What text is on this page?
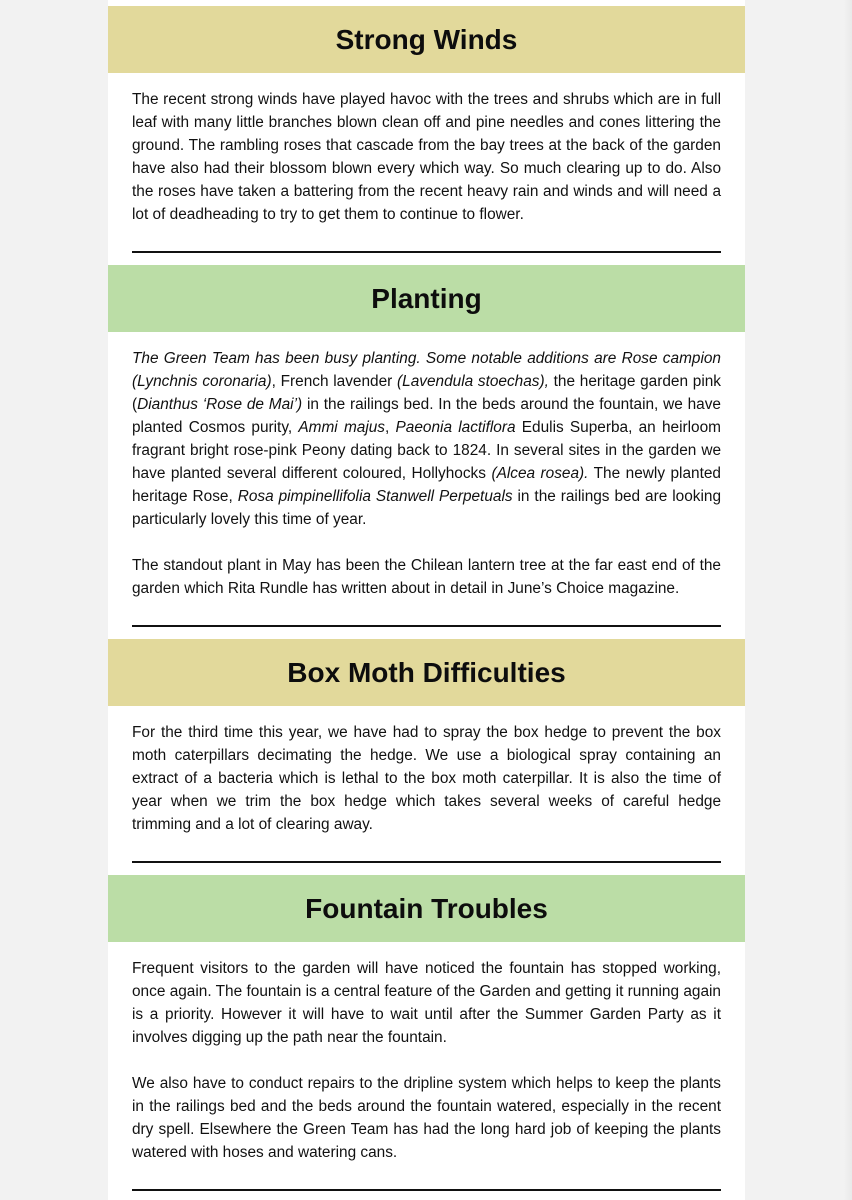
Strong Winds

The recent strong winds have played havoc with the trees and shrubs which are in full leaf with many little branches blown clean off and pine needles and cones littering the ground. The rambling roses that cascade from the bay trees at the back of the garden have also had their blossom blown every which way. So much clearing up to do. Also the roses have taken a battering from the recent heavy rain and winds and will need a lot of deadheading to try to get them to continue to flower.

Planting

The Green Team has been busy planting. Some notable additions are Rose campion (Lynchnis coronaria), French lavender (Lavendula stoechas), the heritage garden pink (Dianthus ‘Rose de Mai’) in the railings bed. In the beds around the fountain, we have planted Cosmos purity, Ammi majus, Paeonia lactiflora Edulis Superba, an heirloom fragrant bright rose-pink Peony dating back to 1824. In several sites in the garden we have planted several different coloured, Hollyhocks (Alcea rosea). The newly planted heritage Rose, Rosa pimpinellifolia Stanwell Perpetuals in the railings bed are looking particularly lovely this time of year.

The standout plant in May has been the Chilean lantern tree at the far east end of the garden which Rita Rundle has written about in detail in June’s Choice magazine.

Box Moth Difficulties

For the third time this year, we have had to spray the box hedge to prevent the box moth caterpillars decimating the hedge. We use a biological spray containing an extract of a bacteria which is lethal to the box moth caterpillar. It is also the time of year when we trim the box hedge which takes several weeks of careful hedge trimming and a lot of clearing away.

Fountain Troubles

Frequent visitors to the garden will have noticed the fountain has stopped working, once again. The fountain is a central feature of the Garden and getting it running again is a priority. However it will have to wait until after the Summer Garden Party as it involves digging up the path near the fountain.

We also have to conduct repairs to the dripline system which helps to keep the plants in the railings bed and the beds around the fountain watered, especially in the recent dry spell. Elsewhere the Green Team has had the long hard job of keeping the plants watered with hoses and watering cans.
